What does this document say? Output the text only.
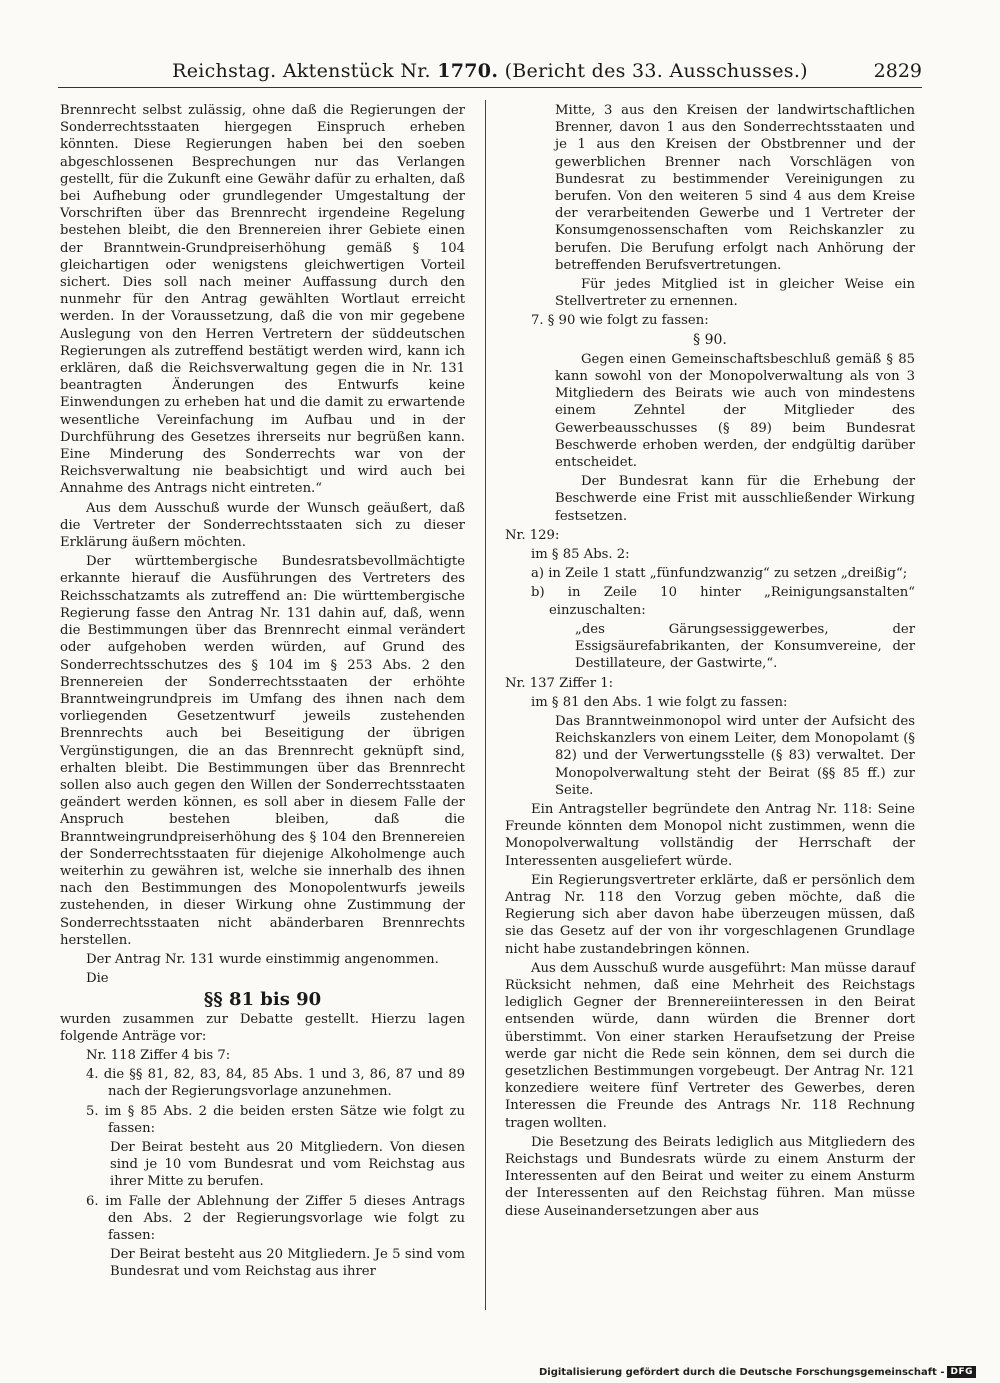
Reichstag. Aktenstück Nr. 1770. (Bericht des 33. Ausschusses.)	2829

Brennrecht selbst zulässig, ohne daß die Regierungen der Sonderrechtsstaaten hiergegen Einspruch erheben könnten. Diese Regierungen haben bei den soeben abgeschlossenen Besprechungen nur das Verlangen gestellt, für die Zukunft eine Gewähr dafür zu erhalten, daß bei Aufhebung oder grundlegender Umgestaltung der Vorschriften über das Brennrecht irgendeine Regelung bestehen bleibt, die den Brennereien ihrer Gebiete einen der Branntwein-Grundpreiserhöhung gemäß § 104 gleichartigen oder wenigstens gleichwertigen Vorteil sichert. Dies soll nach meiner Auffassung durch den nunmehr für den Antrag gewählten Wortlaut erreicht werden. In der Voraussetzung, daß die von mir gegebene Auslegung von den Herren Vertretern der süddeutschen Regierungen als zutreffend bestätigt werden wird, kann ich erklären, daß die Reichsverwaltung gegen die in Nr. 131 beantragten Änderungen des Entwurfs keine Einwendungen zu erheben hat und die damit zu erwartende wesentliche Vereinfachung im Aufbau und in der Durchführung des Gesetzes ihrerseits nur begrüßen kann. Eine Minderung des Sonderrechts war von der Reichsverwaltung nie beabsichtigt und wird auch bei Annahme des Antrags nicht eintreten.“

Aus dem Ausschuß wurde der Wunsch geäußert, daß die Vertreter der Sonderrechtsstaaten sich zu dieser Erklärung äußern möchten.

Der württembergische Bundesratsbevollmächtigte erkannte hierauf die Ausführungen des Vertreters des Reichsschatzamts als zutreffend an: Die württembergische Regierung fasse den Antrag Nr. 131 dahin auf, daß, wenn die Bestimmungen über das Brennrecht einmal verändert oder aufgehoben werden würden, auf Grund des Sonderrechtsschutzes des § 104 im § 253 Abs. 2 den Brennereien der Sonderrechtsstaaten der erhöhte Branntweingrundpreis im Umfang des ihnen nach dem vorliegenden Gesetzentwurf jeweils zustehenden Brennrechts auch bei Beseitigung der übrigen Vergünstigungen, die an das Brennrecht geknüpft sind, erhalten bleibt. Die Bestimmungen über das Brennrecht sollen also auch gegen den Willen der Sonderrechtsstaaten geändert werden können, es soll aber in diesem Falle der Anspruch bestehen bleiben, daß die Branntweingrundpreiserhöhung des § 104 den Brennereien der Sonderrechtsstaaten für diejenige Alkoholmenge auch weiterhin zu gewähren ist, welche sie innerhalb des ihnen nach den Bestimmungen des Monopolentwurfs jeweils zustehenden, in dieser Wirkung ohne Zustimmung der Sonderrechtsstaaten nicht abänderbaren Brennrechts herstellen.

Der Antrag Nr. 131 wurde einstimmig angenommen.

Die

§§ 81 bis 90

wurden zusammen zur Debatte gestellt. Hierzu lagen folgende Anträge vor:

Nr. 118 Ziffer 4 bis 7:

4. die §§ 81, 82, 83, 84, 85 Abs. 1 und 3, 86, 87 und 89 nach der Regierungsvorlage anzunehmen.

5. im § 85 Abs. 2 die beiden ersten Sätze wie folgt zu fassen:

Der Beirat besteht aus 20 Mitgliedern. Von diesen sind je 10 vom Bundesrat und vom Reichstag aus ihrer Mitte zu berufen.

6. im Falle der Ablehnung der Ziffer 5 dieses Antrags den Abs. 2 der Regierungsvorlage wie folgt zu fassen:

Der Beirat besteht aus 20 Mitgliedern. Je 5 sind vom Bundesrat und vom Reichstag aus ihrer

Mitte, 3 aus den Kreisen der landwirtschaftlichen Brenner, davon 1 aus den Sonderrechtsstaaten und je 1 aus den Kreisen der Obstbrenner und der gewerblichen Brenner nach Vorschlägen von Bundesrat zu bestimmender Vereinigungen zu berufen. Von den weiteren 5 sind 4 aus dem Kreise der verarbeitenden Gewerbe und 1 Vertreter der Konsumgenossenschaften vom Reichskanzler zu berufen. Die Berufung erfolgt nach Anhörung der betreffenden Berufsvertretungen.

Für jedes Mitglied ist in gleicher Weise ein Stellvertreter zu ernennen.

7. § 90 wie folgt zu fassen:

§ 90.

Gegen einen Gemeinschaftsbeschluß gemäß § 85 kann sowohl von der Monopolverwaltung als von 3 Mitgliedern des Beirats wie auch von mindestens einem Zehntel der Mitglieder des Gewerbeausschusses (§ 89) beim Bundesrat Beschwerde erhoben werden, der endgültig darüber entscheidet.

Der Bundesrat kann für die Erhebung der Beschwerde eine Frist mit ausschließender Wirkung festsetzen.

Nr. 129:

im § 85 Abs. 2:

a) in Zeile 1 statt „fünfundzwanzig“ zu setzen „dreißig“;

b) in Zeile 10 hinter „Reinigungsanstalten“ einzuschalten:

„des Gärungsessiggewerbes, der Essigsäurefabrikanten, der Konsumvereine, der Destillateure, der Gastwirte,“.

Nr. 137 Ziffer 1:

im § 81 den Abs. 1 wie folgt zu fassen:

Das Branntweinmonopol wird unter der Aufsicht des Reichskanzlers von einem Leiter, dem Monopolamt (§ 82) und der Verwertungsstelle (§ 83) verwaltet. Der Monopolverwaltung steht der Beirat (§§ 85 ff.) zur Seite.

Ein Antragsteller begründete den Antrag Nr. 118: Seine Freunde könnten dem Monopol nicht zustimmen, wenn die Monopolverwaltung vollständig der Herrschaft der Interessenten ausgeliefert würde.

Ein Regierungsvertreter erklärte, daß er persönlich dem Antrag Nr. 118 den Vorzug geben möchte, daß die Regierung sich aber davon habe überzeugen müssen, daß sie das Gesetz auf der von ihr vorgeschlagenen Grundlage nicht habe zustandebringen können.

Aus dem Ausschuß wurde ausgeführt: Man müsse darauf Rücksicht nehmen, daß eine Mehrheit des Reichstags lediglich Gegner der Brennereiinteressen in den Beirat entsenden würde, dann würden die Brenner dort überstimmt. Von einer starken Heraufsetzung der Preise werde gar nicht die Rede sein können, dem sei durch die gesetzlichen Bestimmungen vorgebeugt. Der Antrag Nr. 121 konzediere weitere fünf Vertreter des Gewerbes, deren Interessen die Freunde des Antrags Nr. 118 Rechnung tragen wollten.

Die Besetzung des Beirats lediglich aus Mitgliedern des Reichstags und Bundesrats würde zu einem Ansturm der Interessenten auf den Beirat und weiter zu einem Ansturm der Interessenten auf den Reichstag führen. Man müsse diese Auseinandersetzungen aber aus

Digitalisierung gefördert durch die Deutsche Forschungsgemeinschaft - DFG
